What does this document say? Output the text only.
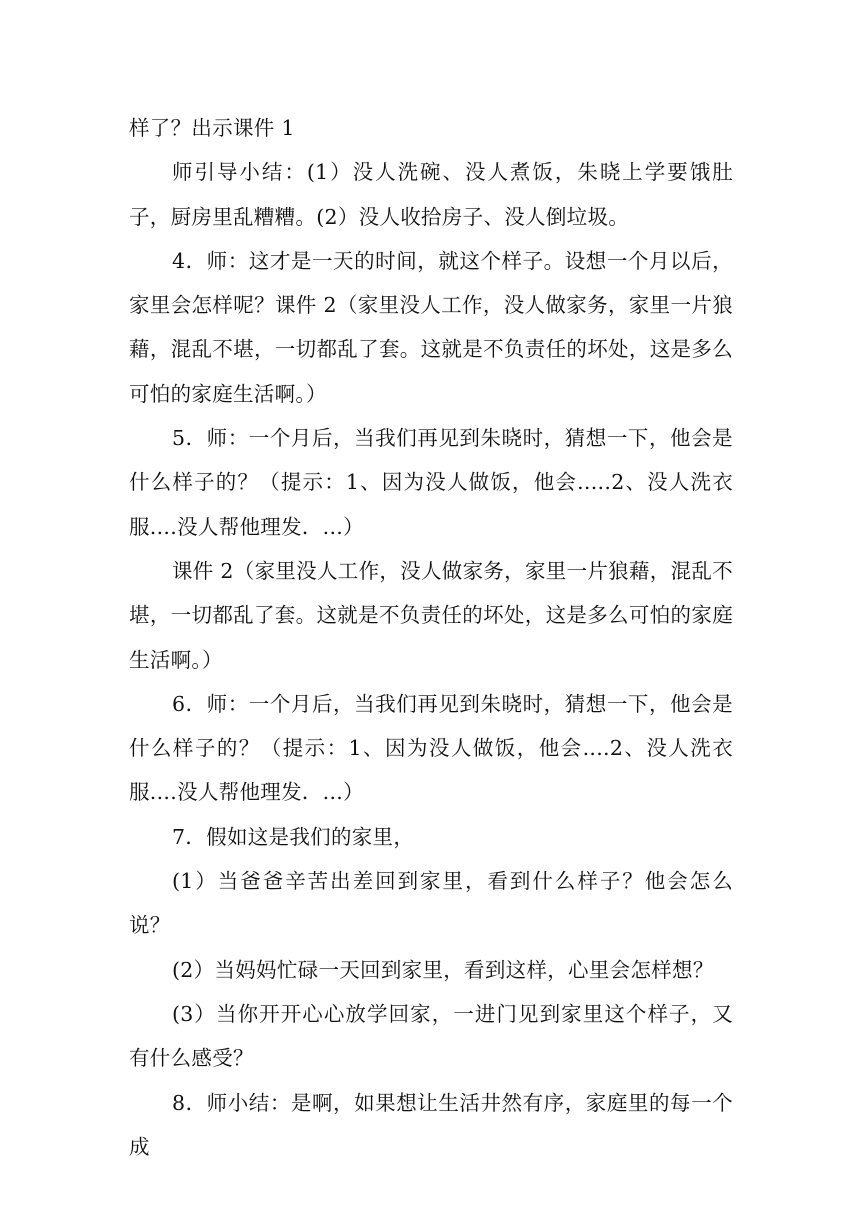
样了？出示课件 1

师引导小结：(1）没人洗碗、没人煮饭，朱晓上学要饿肚子，厨房里乱糟糟。(2）没人收拾房子、没人倒垃圾。

4．师：这才是一天的时间，就这个样子。设想一个月以后，家里会怎样呢？课件 2（家里没人工作，没人做家务，家里一片狼藉，混乱不堪，一切都乱了套。这就是不负责任的坏处，这是多么可怕的家庭生活啊。）

5．师：一个月后，当我们再见到朱晓时，猜想一下，他会是什么样子的？（提示：1、因为没人做饭，他会.....2、没人洗衣服....没人帮他理发．...）

课件 2（家里没人工作，没人做家务，家里一片狼藉，混乱不堪，一切都乱了套。这就是不负责任的坏处，这是多么可怕的家庭生活啊。）

6．师：一个月后，当我们再见到朱晓时，猜想一下，他会是什么样子的？（提示：1、因为没人做饭，他会....2、没人洗衣服....没人帮他理发．...）

7．假如这是我们的家里，

(1）当爸爸辛苦出差回到家里，看到什么样子？他会怎么说？

(2）当妈妈忙碌一天回到家里，看到这样，心里会怎样想？

(3）当你开开心心放学回家，一进门见到家里这个样子，又有什么感受？

8．师小结：是啊，如果想让生活井然有序，家庭里的每一个成
